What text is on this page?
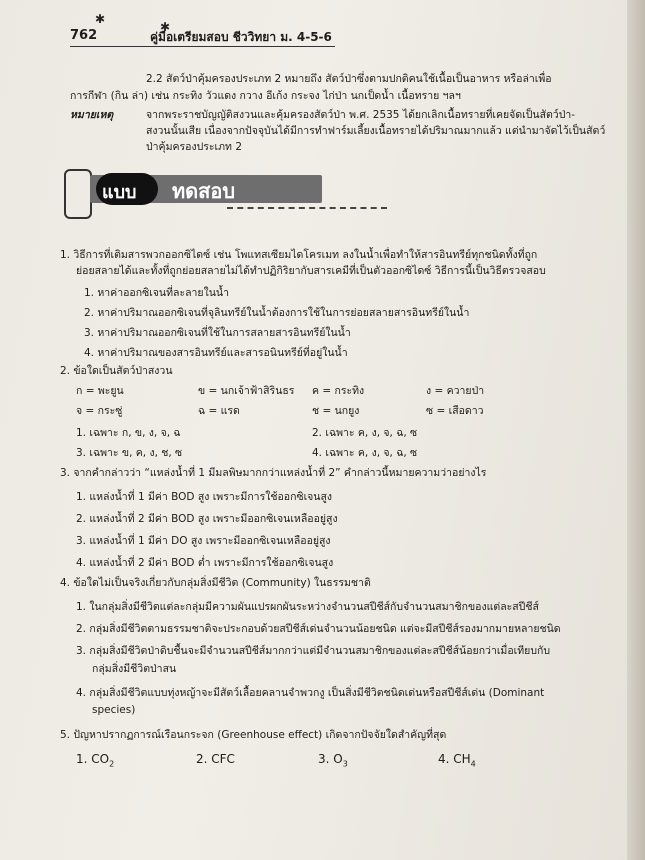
762	คู่มือเตรียมสอบ ชีววิทยา ม. 4-5-6
✱
✱
2.2 สัตว์ป่าคุ้มครองประเภท 2 หมายถึง สัตว์ป่าซึ่งตามปกติคนใช้เนื้อเป็นอาหาร หรือล่าเพื่อ
การกีฬา (กิน ล่า) เช่น กระทิง วัวแดง กวาง อีเก้ง กระจง ไก่ป่า นกเป็ดน้ำ เนื้อทราย ฯลฯ
หมายเหตุ	จากพระราชบัญญัติสงวนและคุ้มครองสัตว์ป่า พ.ศ. 2535 ได้ยกเลิกเนื้อทรายที่เคยจัดเป็นสัตว์ป่า-
สงวนนั้นเสีย เนื่องจากปัจจุบันได้มีการทำฟาร์มเลี้ยงเนื้อทรายได้ปริมาณมากแล้ว แต่นำมาจัดไว้เป็นสัตว์
ป่าคุ้มครองประเภท 2
แบบ ทดสอบ
1. วิธีการที่เติมสารพวกออกซิไดซ์ เช่น โพแทสเซียมไดโครเมท ลงในน้ำเพื่อทำให้สารอินทรีย์ทุกชนิดทั้งที่ถูก
ย่อยสลายได้และทั้งที่ถูกย่อยสลายไม่ได้ทำปฏิกิริยากับสารเคมีที่เป็นตัวออกซิไดซ์ วิธีการนี้เป็นวิธีตรวจสอบ
1. หาค่าออกซิเจนที่ละลายในน้ำ
2. หาค่าปริมาณออกซิเจนที่จุลินทรีย์ในน้ำต้องการใช้ในการย่อยสลายสารอินทรีย์ในน้ำ
3. หาค่าปริมาณออกซิเจนที่ใช้ในการสลายสารอินทรีย์ในน้ำ
4. หาค่าปริมาณของสารอินทรีย์และสารอนินทรีย์ที่อยู่ในน้ำ
2. ข้อใดเป็นสัตว์ป่าสงวน
ก = พะยูน	ข = นกเจ้าฟ้าสิรินธร ค = กระทิง	ง = ควายป่า
จ = กระซู่	ฉ = แรด	ช = นกยูง	ซ = เสือดาว
1. เฉพาะ ก, ข, ง, จ, ฉ	2. เฉพาะ ค, ง, จ, ฉ, ซ
3. เฉพาะ ข, ค, ง, ช, ซ	4. เฉพาะ ค, ง, จ, ฉ, ซ
3. จากคำกล่าวว่า “แหล่งน้ำที่ 1 มีมลพิษมากกว่าแหล่งน้ำที่ 2” คำกล่าวนี้หมายความว่าอย่างไร
1. แหล่งน้ำที่ 1 มีค่า BOD สูง เพราะมีการใช้ออกซิเจนสูง
2. แหล่งน้ำที่ 2 มีค่า BOD สูง เพราะมีออกซิเจนเหลืออยู่สูง
3. แหล่งน้ำที่ 1 มีค่า DO สูง เพราะมีออกซิเจนเหลืออยู่สูง
4. แหล่งน้ำที่ 2 มีค่า BOD ต่ำ เพราะมีการใช้ออกซิเจนสูง
4. ข้อใดไม่เป็นจริงเกี่ยวกับกลุ่มสิ่งมีชีวิต (Community) ในธรรมชาติ
1. ในกลุ่มสิ่งมีชีวิตแต่ละกลุ่มมีความผันแปรผกผันระหว่างจำนวนสปีชีส์กับจำนวนสมาชิกของแต่ละสปีชีส์
2. กลุ่มสิ่งมีชีวิตตามธรรมชาติจะประกอบด้วยสปีชีส์เด่นจำนวนน้อยชนิด แต่จะมีสปีชีส์รองมากมายหลายชนิด
3. กลุ่มสิ่งมีชีวิตป่าดิบชื้นจะมีจำนวนสปีชีส์มากกว่าแต่มีจำนวนสมาชิกของแต่ละสปีชีส์น้อยกว่าเมื่อเทียบกับ
กลุ่มสิ่งมีชีวิตป่าสน
4. กลุ่มสิ่งมีชีวิตแบบทุ่งหญ้าจะมีสัตว์เลื้อยคลานจำพวกงู เป็นสิ่งมีชีวิตชนิดเด่นหรือสปีชีส์เด่น (Dominant
species)
5. ปัญหาปรากฏการณ์เรือนกระจก (Greenhouse effect) เกิดจากปัจจัยใดสำคัญที่สุด
1. $CO_2$	2. CFC	3. $O_3$	4. $CH_4$
